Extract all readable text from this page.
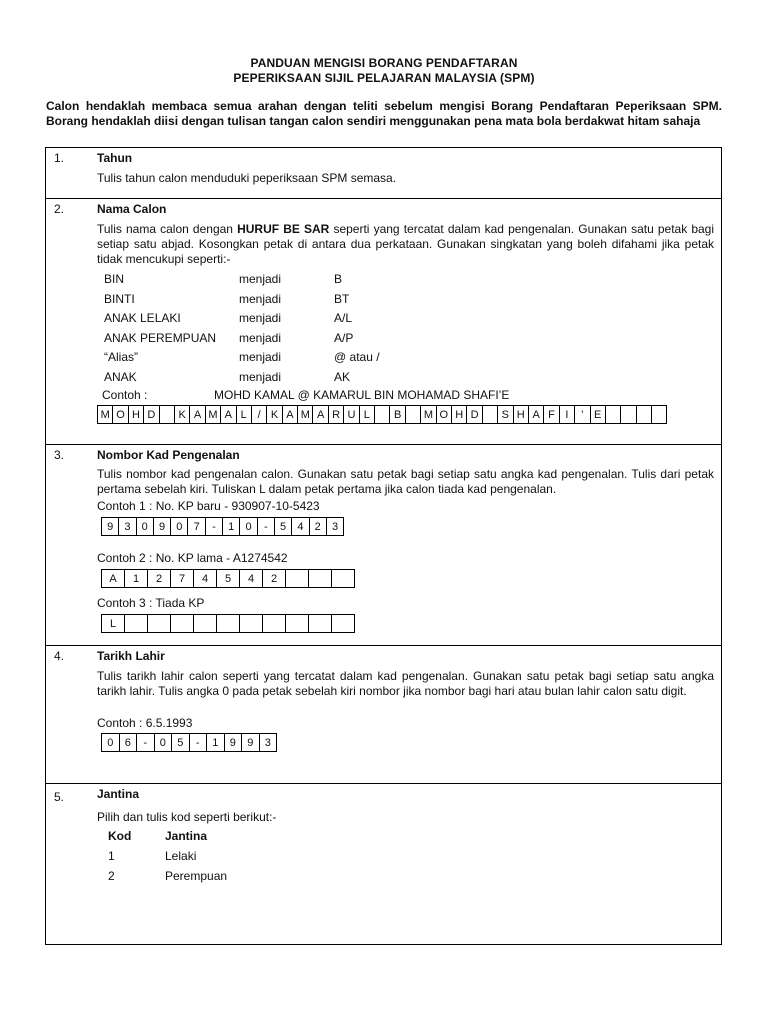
PANDUAN MENGISI BORANG PENDAFTARAN
PEPERIKSAAN SIJIL PELAJARAN MALAYSIA (SPM)
Calon hendaklah membaca semua arahan dengan teliti sebelum mengisi Borang Pendaftaran Peperiksaan SPM. Borang hendaklah diisi dengan tulisan tangan calon sendiri menggunakan pena mata bola berdakwat hitam sahaja
1.	Tahun
Tulis tahun calon menduduki peperiksaan SPM semasa.
2.	Nama Calon
Tulis nama calon dengan HURUF BE SAR seperti yang tercatat dalam kad pengenalan. Gunakan satu petak bagi setiap satu abjad. Kosongkan petak di antara dua perkataan. Gunakan singkatan yang boleh difahami jika petak tidak mencukupi seperti:-
BIN	menjadi	B
BINTI	menjadi	BT
ANAK LELAKI	menjadi	A/L
ANAK PEREMPUAN menjadi	A/P
“Alias”	menjadi	@ atau /
ANAK	menjadi	AK
Contoh :	MOHD KAMAL @ KAMARUL BIN MOHAMAD SHAFI’E
M O H D	K A M A L / K A M A R U L	B	M O H D	S H A F I	’ E
3.	Nombor Kad Pengenalan
Tulis nombor kad pengenalan calon. Gunakan satu petak bagi setiap satu angka kad pengenalan. Tulis dari petak pertama sebelah kiri. Tuliskan L dalam petak pertama jika calon tiada kad pengenalan.
Contoh 1 : No. KP baru - 930907-10-5423
9	3	0	9	0	7	-	1	0	-	5	4	2	3
Contoh 2 : No. KP lama - A1274542
A	1	2	7	4	5	4	2
Contoh 3 : Tiada KP
L
4.	Tarikh Lahir
Tulis tarikh lahir calon seperti yang tercatat dalam kad pengenalan. Gunakan satu petak bagi setiap satu angka tarikh lahir. Tulis angka 0 pada petak sebelah kiri nombor jika nombor bagi hari atau bulan lahir calon satu digit.
Contoh : 6.5.1993
0	6	-	0	5	-	1	9	9	3
5.	Jantina
Pilih dan tulis kod seperti berikut:-
Kod	Jantina
1	Lelaki
2	Perempuan
